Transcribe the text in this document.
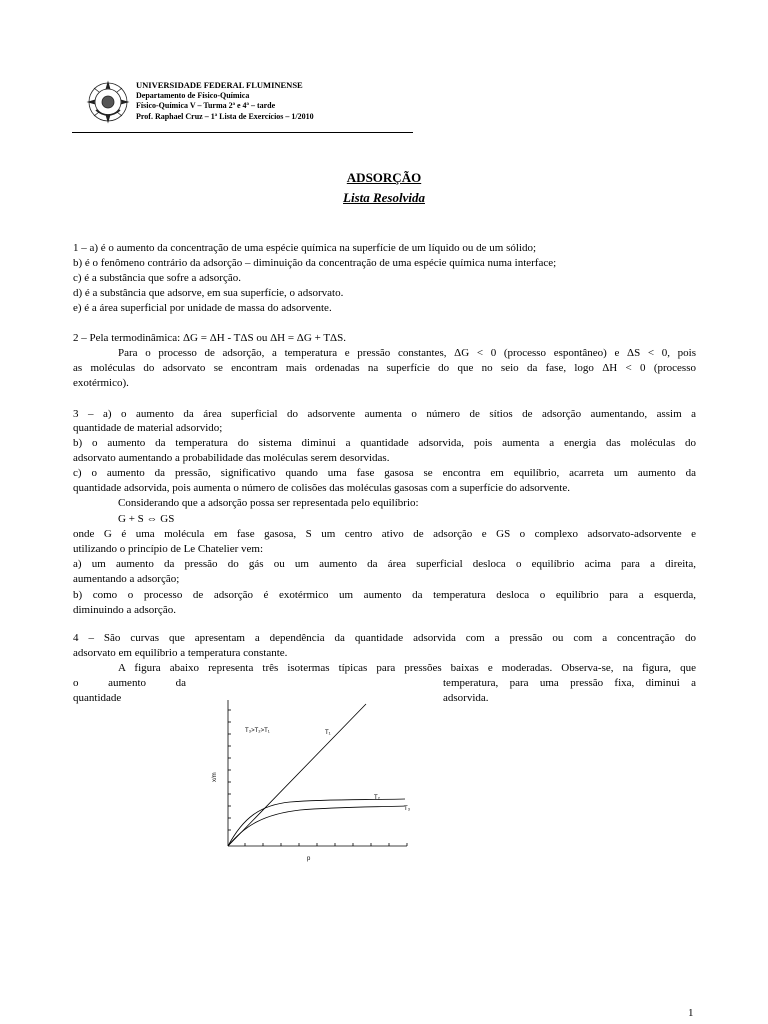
UNIVERSIDADE FEDERAL FLUMINENSE
Departamento de Físico-Química
Físico-Química V – Turma 2ª e 4ª – tarde
Prof. Raphael Cruz – 1ª Lista de Exercícios – 1/2010
ADSORÇÃO
Lista Resolvida
1 – a) é o aumento da concentração de uma espécie química na superfície de um líquido ou de um sólido;
b) é o fenômeno contrário da adsorção – diminuição da concentração de uma espécie química numa interface;
c) é a substância que sofre a adsorção.
d) é a substância que adsorve, em sua superfície, o adsorvato.
e) é a área superficial por unidade de massa do adsorvente.
2 – Pela termodinâmica: ΔG = ΔH - TΔS ou ΔH = ΔG + TΔS.
Para o processo de adsorção, a temperatura e pressão constantes, ΔG < 0 (processo espontâneo) e ΔS < 0, pois
as moléculas do adsorvato se encontram mais ordenadas na superfície do que no seio da fase, logo ΔH < 0 (processo
exotérmico).
3 – a) o aumento da área superficial do adsorvente aumenta o número de sítios de adsorção aumentando, assim a
quantidade de material adsorvido;
b) o aumento da temperatura do sistema diminui a quantidade adsorvida, pois aumenta a energia das moléculas do
adsorvato aumentando a probabilidade das moléculas serem desorvidas.
c) o aumento da pressão, significativo quando uma fase gasosa se encontra em equilíbrio, acarreta um aumento da
quantidade adsorvida, pois aumenta o número de colisões das moléculas gasosas com a superfície do adsorvente.
Considerando que a adsorção possa ser representada pelo equilíbrio:
G + S ⇔ GS
onde G é uma molécula em fase gasosa, S um centro ativo de adsorção e GS o complexo adsorvato-adsorvente e
utilizando o princípio de Le Chatelier vem:
a) um aumento da pressão do gás ou um aumento da área superficial desloca o equilíbrio acima para a direita,
aumentando a adsorção;
b) como o processo de adsorção é exotérmico um aumento da temperatura desloca o equilíbrio para a esquerda,
diminuindo a adsorção.
4 – São curvas que apresentam a dependência da quantidade adsorvida com a pressão ou com a concentração do
adsorvato em equilíbrio a temperatura constante.
A figura abaixo representa três isotermas típicas para pressões baixas e moderadas. Observa-se, na figura, que
o aumento da
quantidade
temperatura, para uma pressão fixa, diminui a
adsorvida.
T₃>T₂>T₁
x/m
p
T₁
T₂
T₃
1
